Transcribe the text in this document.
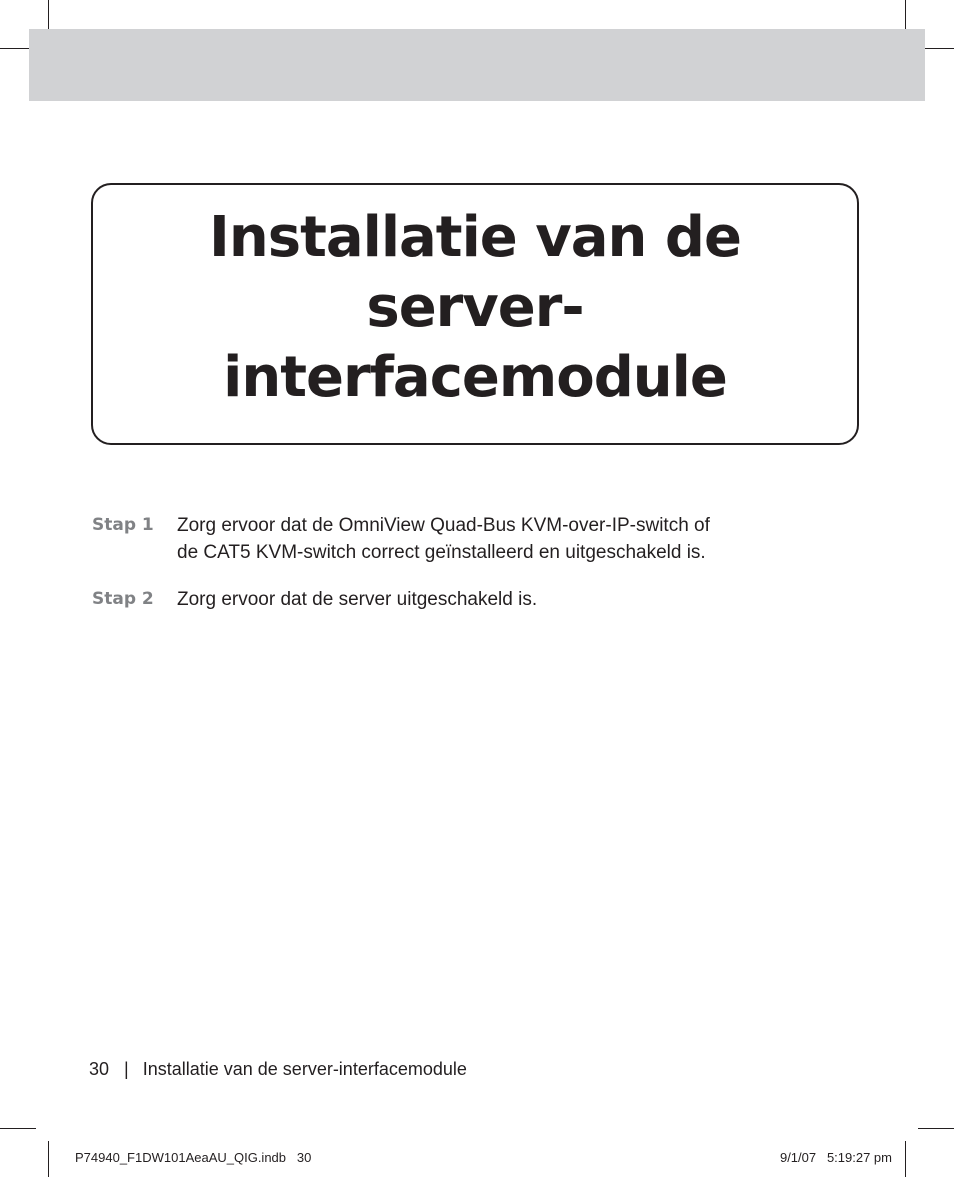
Installatie van de server-
interfacemodule
Stap 1	Zorg ervoor dat de OmniView Quad-Bus KVM-over-IP-switch of
de CAT5 KVM-switch correct geïnstalleerd en uitgeschakeld is.
Stap 2	Zorg ervoor dat de server uitgeschakeld is.
30 | Installatie van de server-interfacemodule
P74940_F1DW101AeaAU_QIG.indb   30	9/1/07   5:19:27 pm
